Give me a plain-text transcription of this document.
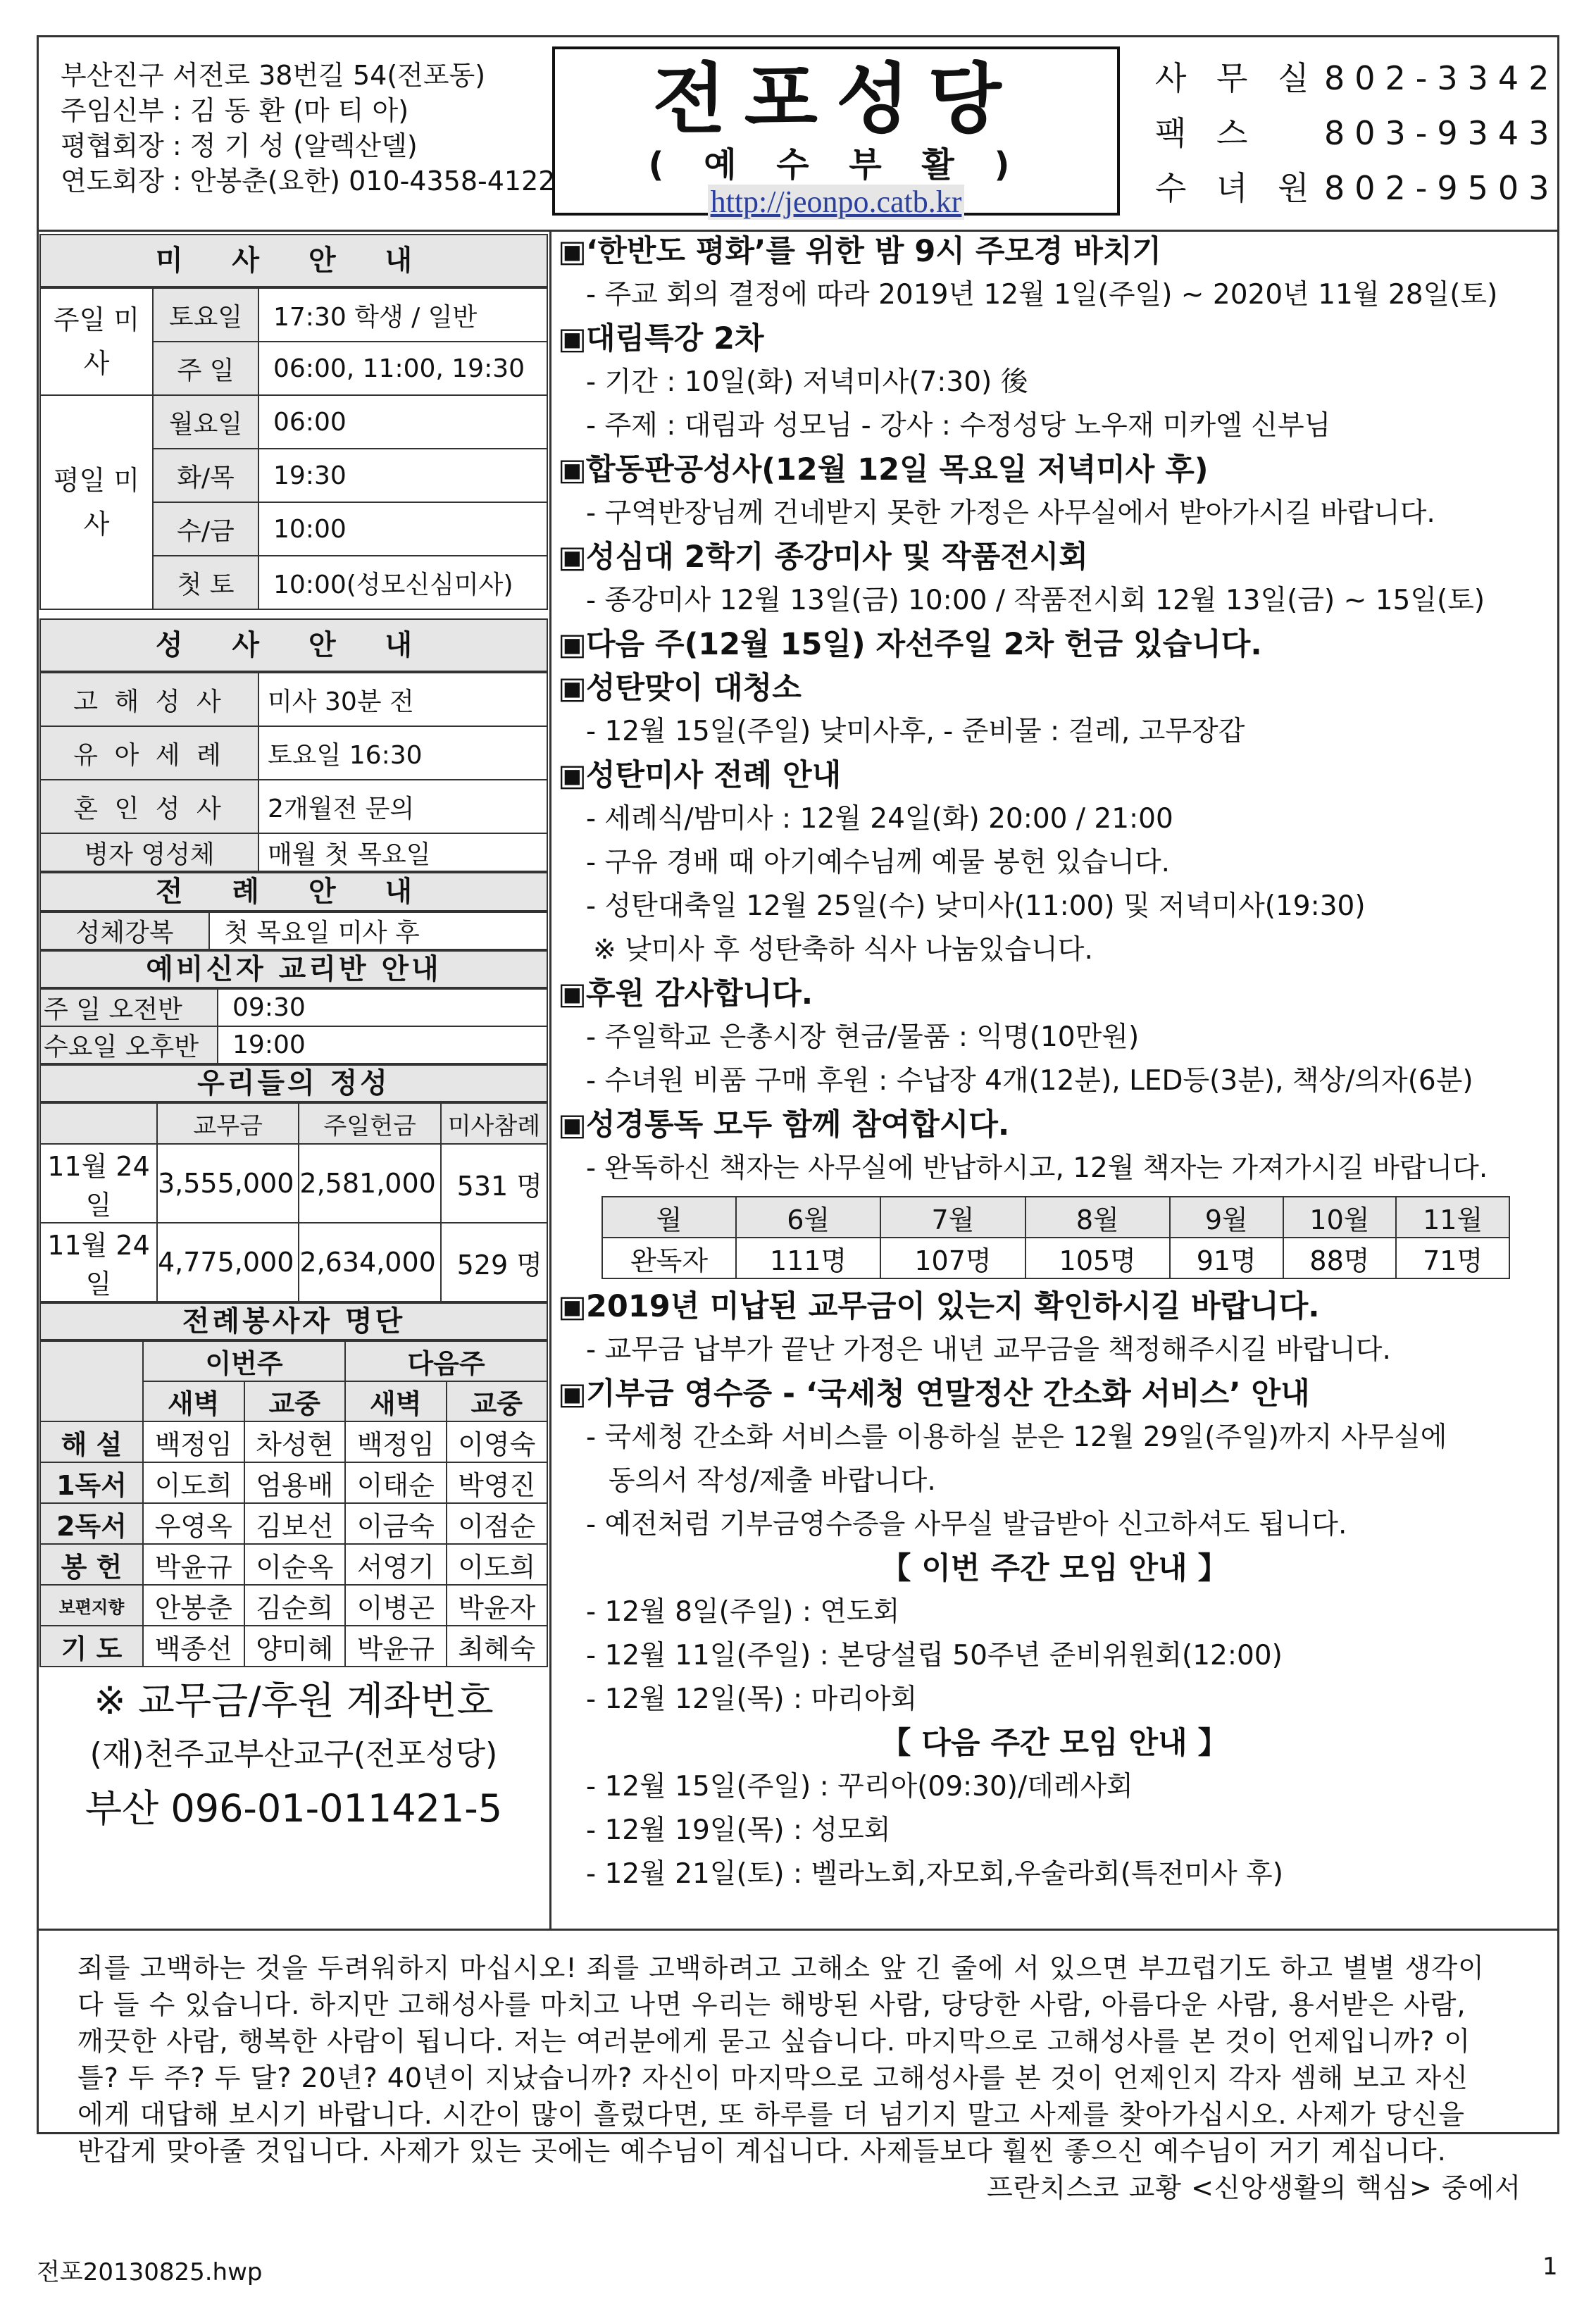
부산진구 서전로 38번길 54(전포동)
주임신부 : 김 동 환 (마 티 아)
평협회장 : 정 기 성 (알렉산델)
연도회장 : 안봉춘(요한) 010-4358-4122
전포성당
( 예 수 부 활 )
http://jeonpo.catb.kr
사 무 실 802-3342
팩 스 803-9343
수 녀 원 802-9503
미 사 안 내
주일 미사	토요일	17:30 학생 / 일반
	주 일	06:00, 11:00, 19:30
평일 미사	월요일	06:00
	화/목	19:30
	수/금	10:00
	첫 토	10:00(성모신심미사)
성 사 안 내
고 해 성 사	미사 30분 전
유 아 세 례	토요일 16:30
혼 인 성 사	2개월전 문의
병자 영성체	매월 첫 목요일
전 례 안 내
성체강복	첫 목요일 미사 후
예비신자 교리반 안내
주 일 오전반	09:30
수요일 오후반	19:00
우리들의 정성
	교무금	주일헌금	미사참례
11월 24일	3,555,000	2,581,000	531 명
11월 24일	4,775,000	2,634,000	529 명
전례봉사자 명단
	이번주		다음주	
	새벽	교중	새벽	교중
해 설	백정임	차성현	백정임	이영숙
1독서	이도희	엄용배	이태순	박영진
2독서	우영옥	김보선	이금숙	이점순
봉 헌	박윤규	이순옥	서영기	이도희
보편지향	안봉춘	김순희	이병곤	박윤자
기 도	백종선	양미혜	박윤규	최혜숙
※ 교무금/후원 계좌번호
(재)천주교부산교구(전포성당)
부산 096-01-011421-5
▣‘한반도 평화’를 위한 밤 9시 주모경 바치기
- 주교 회의 결정에 따라 2019년 12월 1일(주일) ~ 2020년 11월 28일(토)
▣대림특강 2차
- 기간 : 10일(화) 저녁미사(7:30) 後
- 주제 : 대림과 성모님 - 강사 : 수정성당 노우재 미카엘 신부님
▣합동판공성사(12월 12일 목요일 저녁미사 후)
- 구역반장님께 건네받지 못한 가정은 사무실에서 받아가시길 바랍니다.
▣성심대 2학기 종강미사 및 작품전시회
- 종강미사 12월 13일(금) 10:00 / 작품전시회 12월 13일(금) ~ 15일(토)
▣다음 주(12월 15일) 자선주일 2차 헌금 있습니다.
▣성탄맞이 대청소
- 12월 15일(주일) 낮미사후, - 준비물 : 걸레, 고무장갑
▣성탄미사 전례 안내
- 세례식/밤미사 : 12월 24일(화) 20:00 / 21:00
- 구유 경배 때 아기예수님께 예물 봉헌 있습니다.
- 성탄대축일 12월 25일(수) 낮미사(11:00) 및 저녁미사(19:30)
※ 낮미사 후 성탄축하 식사 나눔있습니다.
▣후원 감사합니다.
- 주일학교 은총시장 현금/물품 : 익명(10만원)
- 수녀원 비품 구매 후원 : 수납장 4개(12분), LED등(3분), 책상/의자(6분)
▣성경통독 모두 함께 참여합시다.
- 완독하신 책자는 사무실에 반납하시고, 12월 책자는 가져가시길 바랍니다.
월	6월	7월	8월	9월	10월	11월
완독자	111명	107명	105명	91명	88명	71명
▣2019년 미납된 교무금이 있는지 확인하시길 바랍니다.
- 교무금 납부가 끝난 가정은 내년 교무금을 책정해주시길 바랍니다.
▣기부금 영수증 - ‘국세청 연말정산 간소화 서비스’ 안내
- 국세청 간소화 서비스를 이용하실 분은 12월 29일(주일)까지 사무실에
동의서 작성/제출 바랍니다.
- 예전처럼 기부금영수증을 사무실 발급받아 신고하셔도 됩니다.
【 이번 주간 모임 안내 】
- 12월 8일(주일) : 연도회
- 12월 11일(주일) : 본당설립 50주년 준비위원회(12:00)
- 12월 12일(목) : 마리아회
【 다음 주간 모임 안내 】
- 12월 15일(주일) : 꾸리아(09:30)/데레사회
- 12월 19일(목) : 성모회
- 12월 21일(토) : 벨라노회,자모회,우술라회(특전미사 후)
죄를 고백하는 것을 두려워하지 마십시오! 죄를 고백하려고 고해소 앞 긴 줄에 서 있으면 부끄럽기도 하고 별별 생각이
다 들 수 있습니다. 하지만 고해성사를 마치고 나면 우리는 해방된 사람, 당당한 사람, 아름다운 사람, 용서받은 사람,
깨끗한 사람, 행복한 사람이 됩니다. 저는 여러분에게 묻고 싶습니다. 마지막으로 고해성사를 본 것이 언제입니까? 이
틀? 두 주? 두 달? 20년? 40년이 지났습니까? 자신이 마지막으로 고해성사를 본 것이 언제인지 각자 셈해 보고 자신
에게 대답해 보시기 바랍니다. 시간이 많이 흘렀다면, 또 하루를 더 넘기지 말고 사제를 찾아가십시오. 사제가 당신을
반갑게 맞아줄 것입니다. 사제가 있는 곳에는 예수님이 계십니다. 사제들보다 훨씬 좋으신 예수님이 거기 계십니다.
프란치스코 교황 <신앙생활의 핵심> 중에서
전포20130825.hwp	1
